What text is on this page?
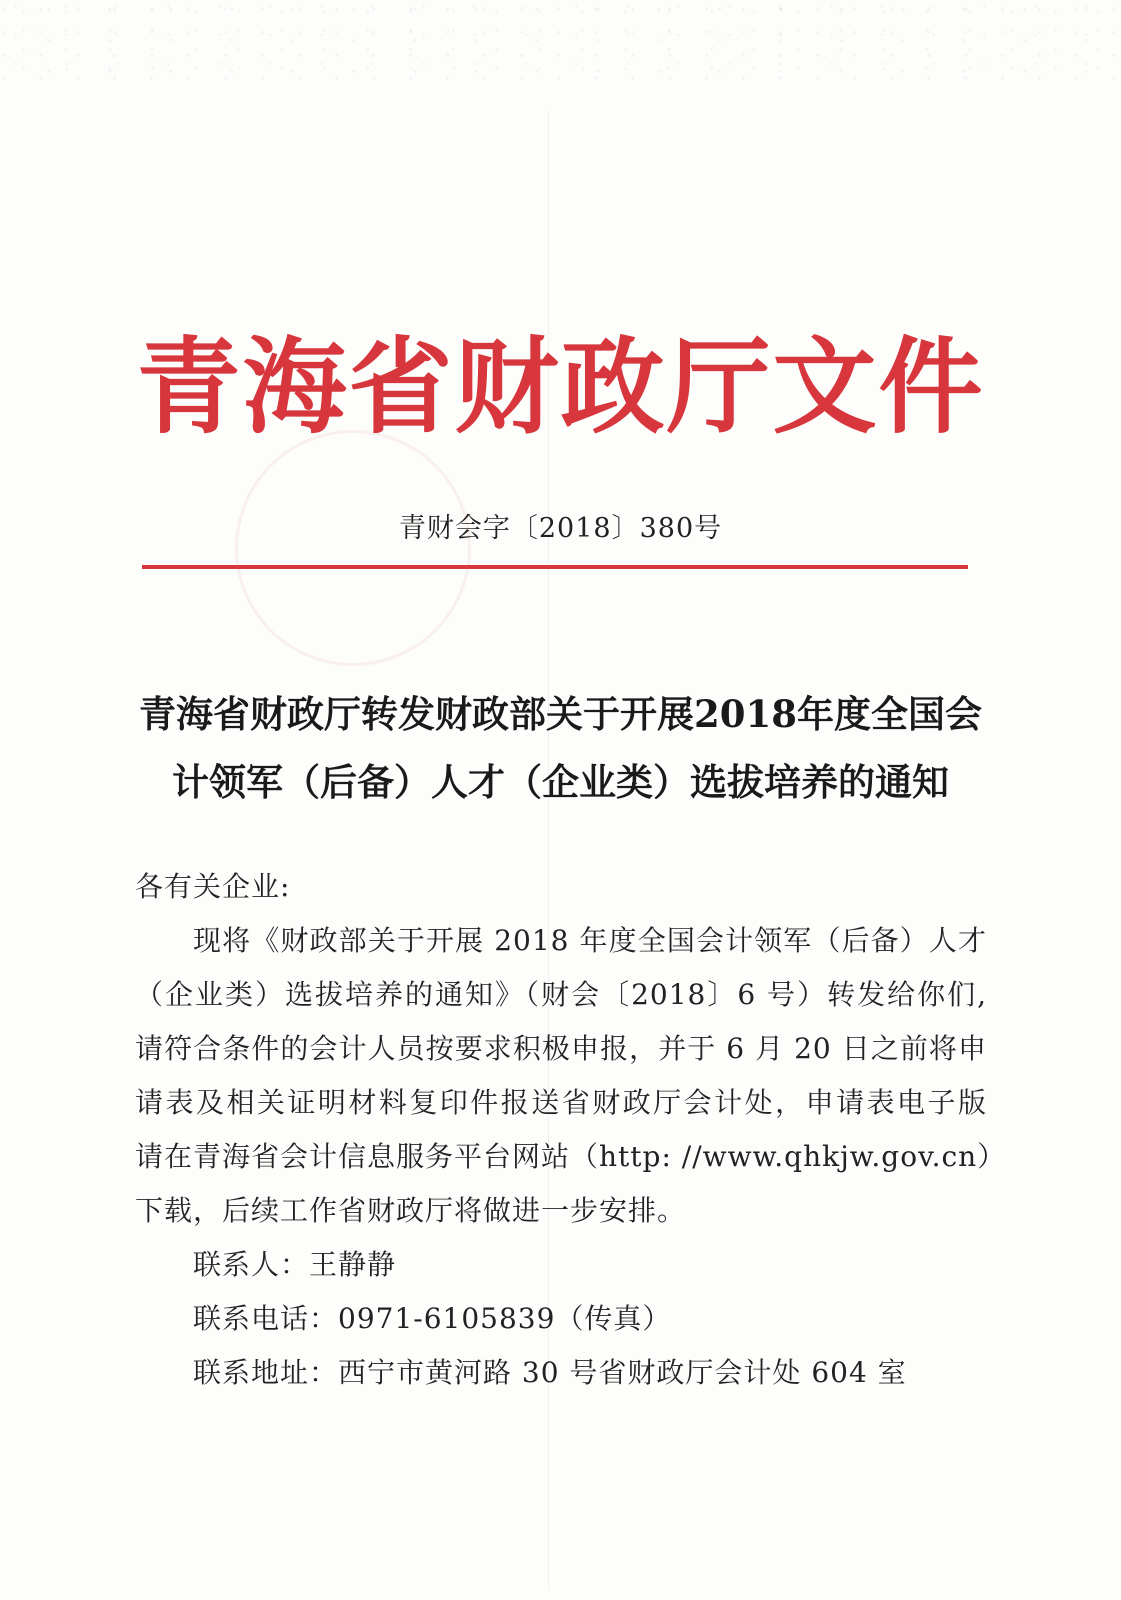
青海省财政厅文件
青财会字〔2018〕380号
青海省财政厅转发财政部关于开展2018年度全国会
计领军（后备）人才（企业类）选拔培养的通知
各有关企业:
现将《财政部关于开展 2018 年度全国会计领军（后备）人才
（企业类）选拔培养的通知》（财会〔2018〕6 号）转发给你们,
请符合条件的会计人员按要求积极申报，并于 6 月 20 日之前将申
请表及相关证明材料复印件报送省财政厅会计处，申请表电子版
请在青海省会计信息服务平台网站（http: //www.qhkjw.gov.cn）
下载，后续工作省财政厅将做进一步安排。
联系人：王静静
联系电话：0971-6105839（传真）
联系地址：西宁市黄河路 30 号省财政厅会计处 604 室
